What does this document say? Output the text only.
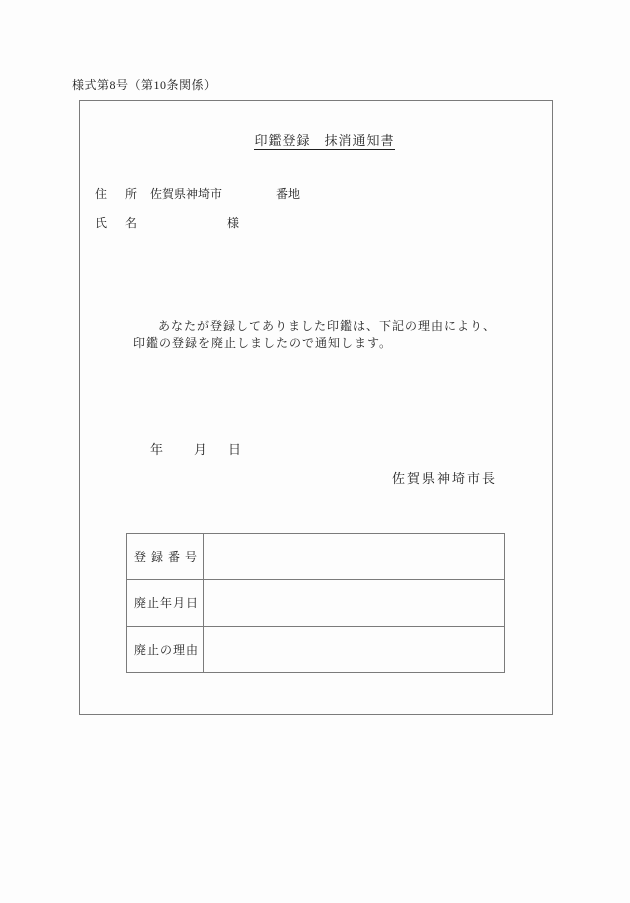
様式第8号（第10条関係）

印鑑登録　抹消通知書

住 所 佐賀県神埼市	番地
氏 名	様
あなたが登録してありました印鑑は、下記の理由により、
印鑑の登録を廃止しましたので通知します。
年 月 日
佐賀県神埼市長
登 録 番 号
廃止年月日
廃止の理由
